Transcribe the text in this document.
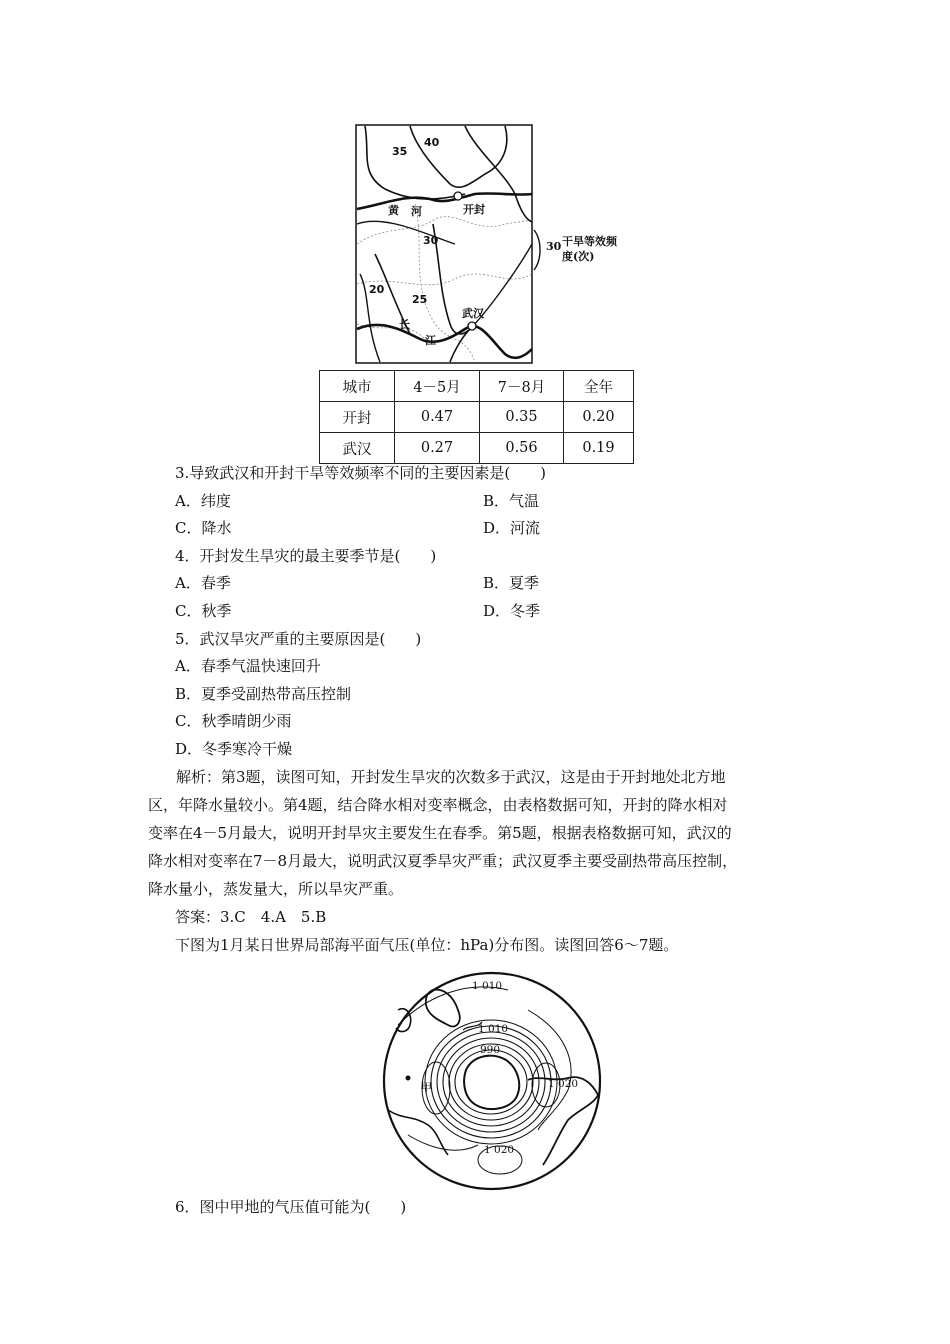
35
40
30
20
25
黄 河	开封
武汉
长
江
30 干旱等效频
度(次)
城市	4－5月	7－8月	全年
开封	0.47	0.35	0.20
武汉	0.27	0.56	0.19
3.导致武汉和开封干旱等效频率不同的主要因素是(　　)
A．纬度	B．气温
C．降水	D．河流
4．开封发生旱灾的最主要季节是(　　)
A．春季	B．夏季
C．秋季	D．冬季
5．武汉旱灾严重的主要原因是(　　)
A．春季气温快速回升
B．夏季受副热带高压控制
C．秋季晴朗少雨
D．冬季寒冷干燥
解析：第3题，读图可知，开封发生旱灾的次数多于武汉，这是由于开封地处北方地
区，年降水量较小。第4题，结合降水相对变率概念，由表格数据可知，开封的降水相对
变率在4－5月最大，说明开封旱灾主要发生在春季。第5题，根据表格数据可知，武汉的
降水相对变率在7－8月最大，说明武汉夏季旱灾严重；武汉夏季主要受副热带高压控制，
降水量小，蒸发量大，所以旱灾严重。
答案：3.C　4.A　5.B
下图为1月某日世界局部海平面气压(单位：hPa)分布图。读图回答6～7题。
1 010
1 010
990
1 020
1 020
甲
6．图中甲地的气压值可能为(　　)
